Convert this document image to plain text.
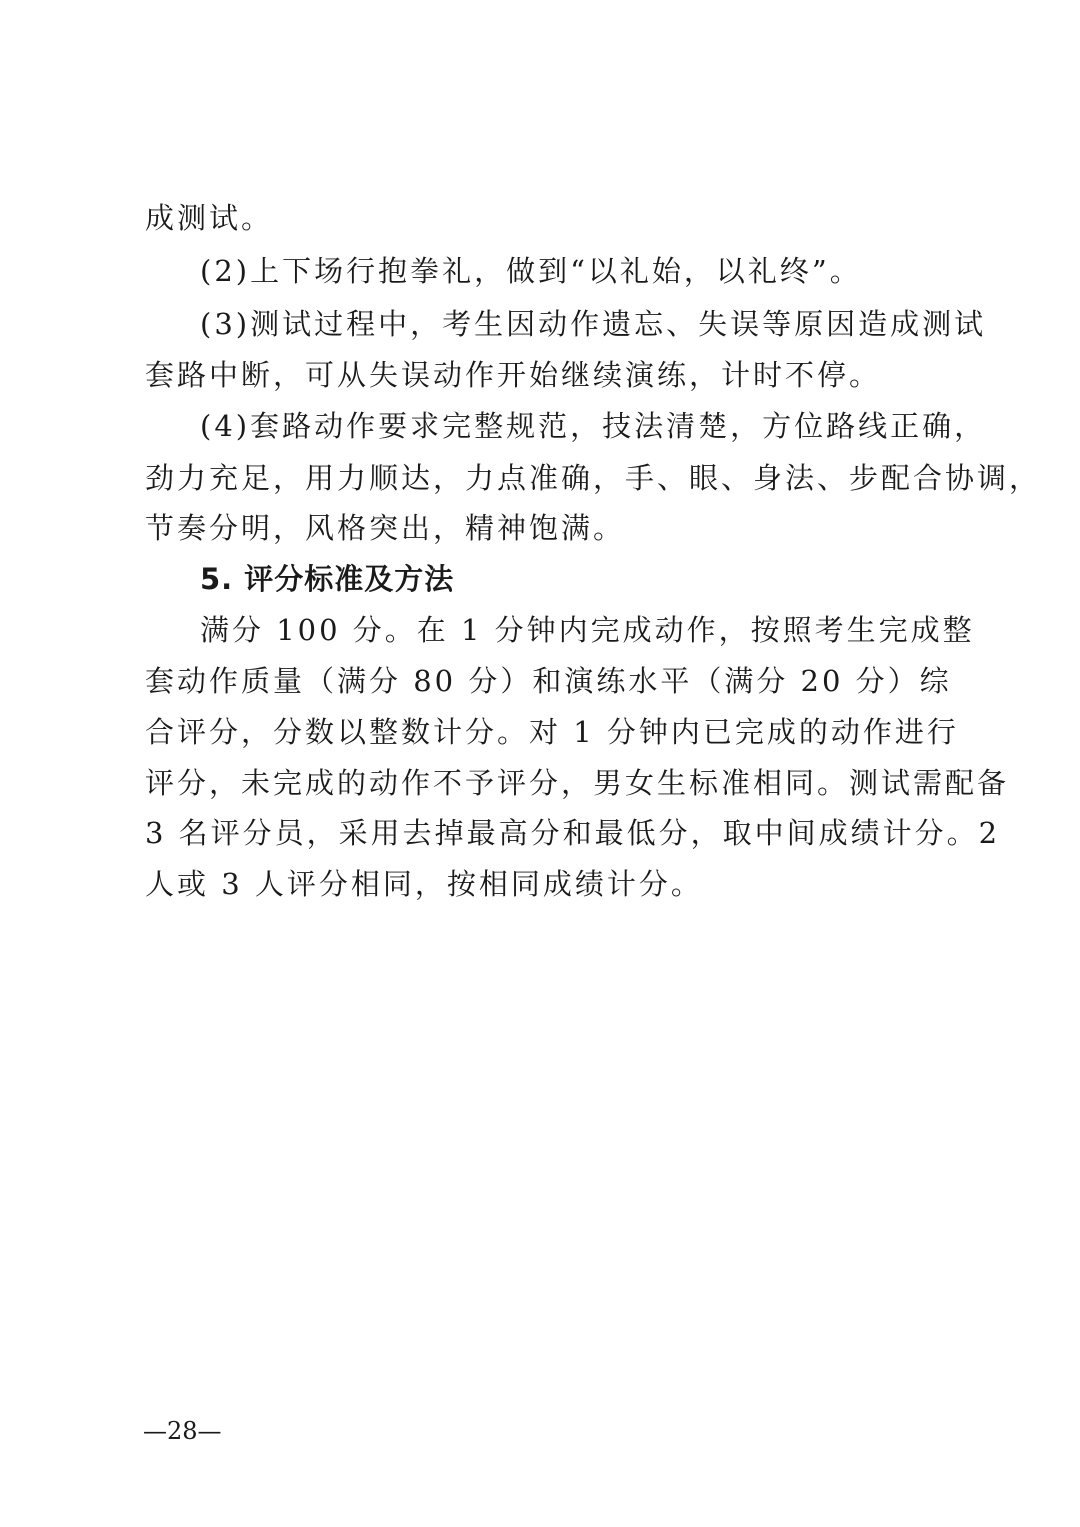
成测试。
(2)上下场行抱拳礼，做到“以礼始，以礼终”。
(3)测试过程中，考生因动作遗忘、失误等原因造成测试
套路中断，可从失误动作开始继续演练，计时不停。
(4)套路动作要求完整规范，技法清楚，方位路线正确，
劲力充足，用力顺达，力点准确，手、眼、身法、步配合协调，
节奏分明，风格突出，精神饱满。
5. 评分标准及方法
满分 100 分。在 1 分钟内完成动作，按照考生完成整
套动作质量（满分 80 分）和演练水平（满分 20 分）综
合评分，分数以整数计分。对 1 分钟内已完成的动作进行
评分，未完成的动作不予评分，男女生标准相同。测试需配备
3 名评分员，采用去掉最高分和最低分，取中间成绩计分。2
人或 3 人评分相同，按相同成绩计分。
—28—
